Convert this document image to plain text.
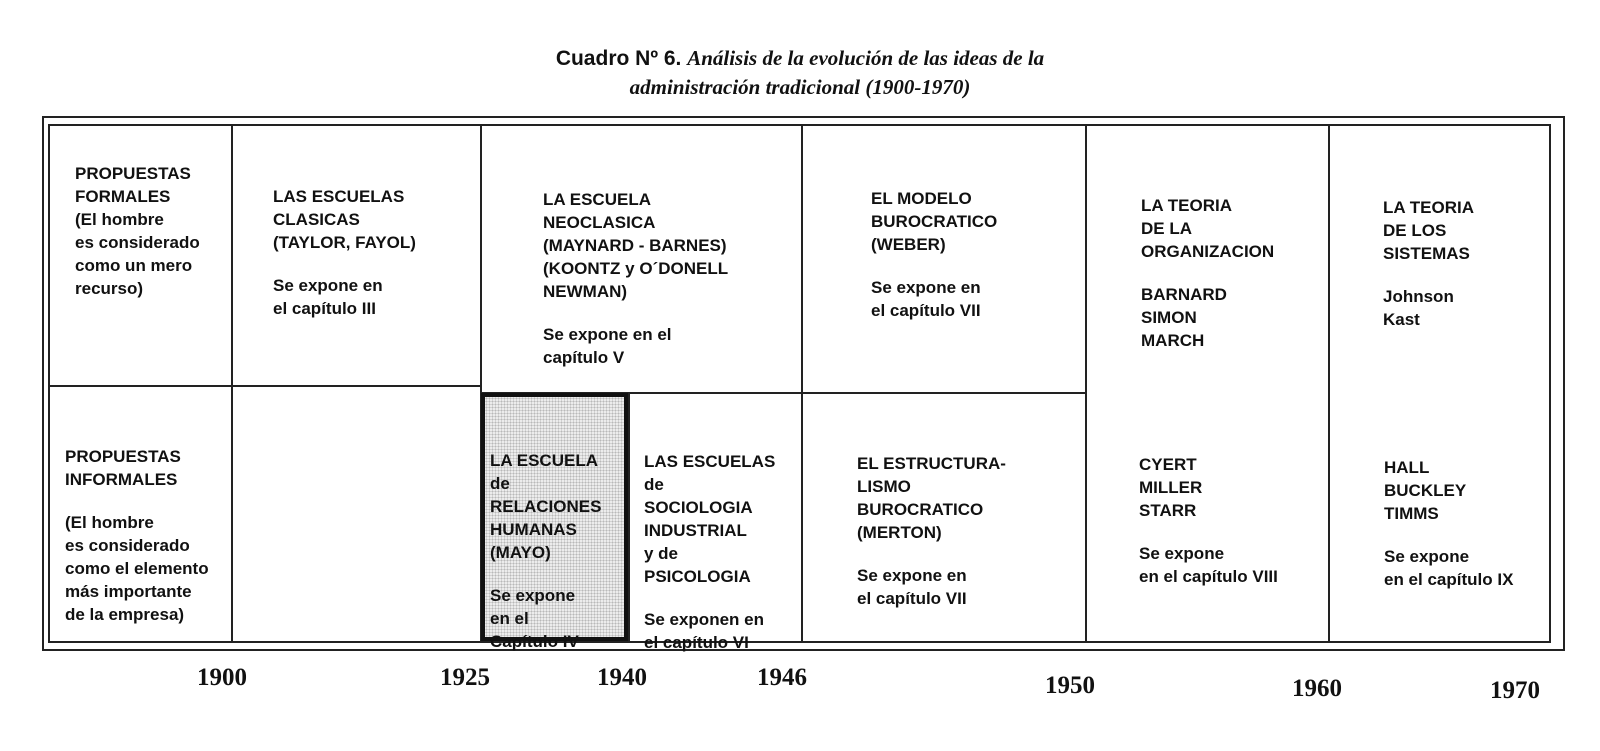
Cuadro Nº 6. Análisis de la evolución de las ideas de la
administración tradicional (1900-1970)
PROPUESTAS
FORMALES
(El hombre
es considerado
como un mero
recurso)

LAS ESCUELAS
CLASICAS
(TAYLOR, FAYOL)

Se expone en
el capítulo III

LA ESCUELA
NEOCLASICA
(MAYNARD - BARNES)
(KOONTZ y O´DONELL
NEWMAN)

Se expone en el
capítulo V

EL MODELO
BUROCRATICO
(WEBER)

Se expone en
el capítulo VII

LA TEORIA
DE LA
ORGANIZACION

BARNARD
SIMON
MARCH

LA TEORIA
DE LOS
SISTEMAS

Johnson
Kast

PROPUESTAS
INFORMALES

(El hombre
es considerado
como el elemento
más importante
de la empresa)

LA ESCUELA
de
RELACIONES
HUMANAS
(MAYO)

Se expone
en el
Capítulo IV

LAS ESCUELAS
de
SOCIOLOGIA
INDUSTRIAL
y de
PSICOLOGIA

Se exponen en
el capítulo VI

EL ESTRUCTURA-
LISMO
BUROCRATICO
(MERTON)

Se expone en
el capítulo VII

CYERT
MILLER
STARR

Se expone
en el capítulo VIII

HALL
BUCKLEY
TIMMS

Se expone
en el capítulo IX

1900	1925	1940	1946	1950	1960	1970
